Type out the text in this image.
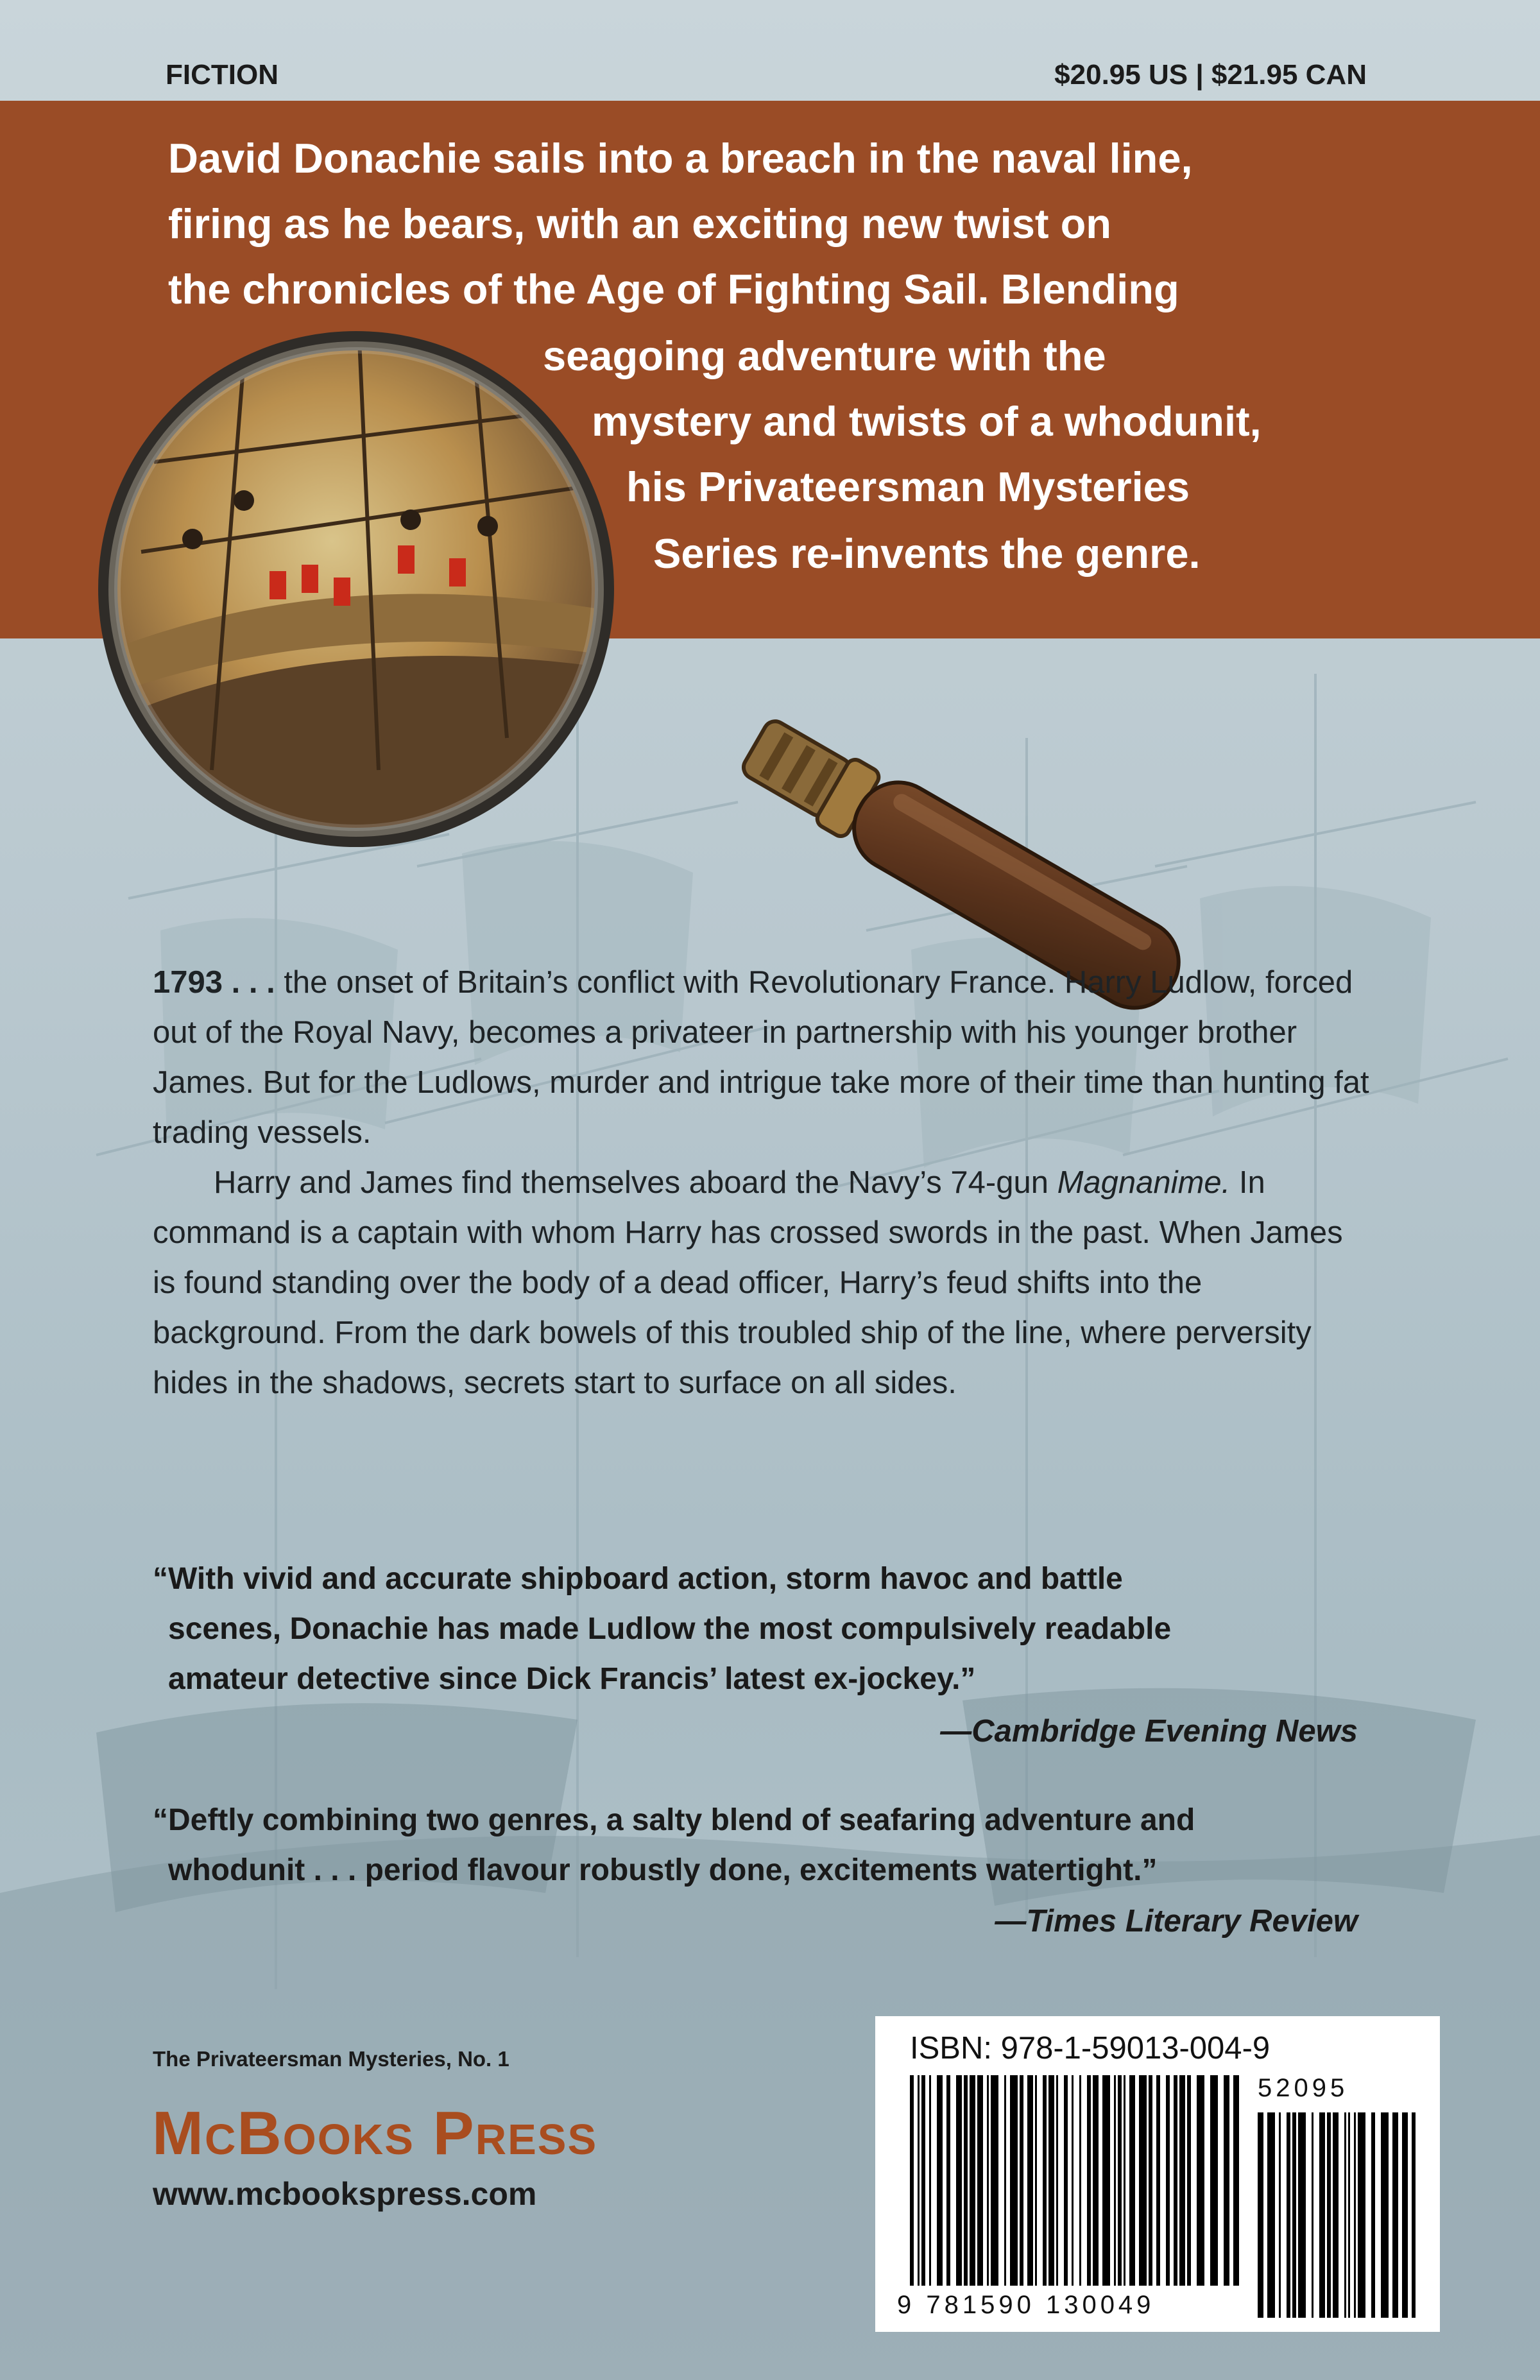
FICTION	$20.95 US | $21.95 CAN
David Donachie sails into a breach in the naval line,
firing as he bears, with an exciting new twist on
the chronicles of the Age of Fighting Sail. Blending
seagoing adventure with the
mystery and twists of a whodunit,
his Privateersman Mysteries
Series re-invents the genre.

1793 . . . the onset of Britain’s conflict with Revolutionary France. Harry Ludlow, forced out of the Royal Navy, becomes a privateer in partnership with his younger brother James. But for the Ludlows, murder and intrigue take more of their time than hunting fat trading vessels.

Harry and James find themselves aboard the Navy’s 74-gun Magnanime. In command is a captain with whom Harry has crossed swords in the past. When James is found standing over the body of a dead officer, Harry’s feud shifts into the background. From the dark bowels of this troubled ship of the line, where perversity hides in the shadows, secrets start to surface on all sides.

“With vivid and accurate shipboard action, storm havoc and battle
scenes, Donachie has made Ludlow the most compulsively readable
amateur detective since Dick Francis’ latest ex-jockey.”
—Cambridge Evening News
“Deftly combining two genres, a salty blend of seafaring adventure and
whodunit . . . period flavour robustly done, excitements watertight.”
—Times Literary Review
The Privateersman Mysteries, No. 1
McBooks Press
www.mcbookspress.com
ISBN: 978-1-59013-004-9
52095
9 781590 130049
